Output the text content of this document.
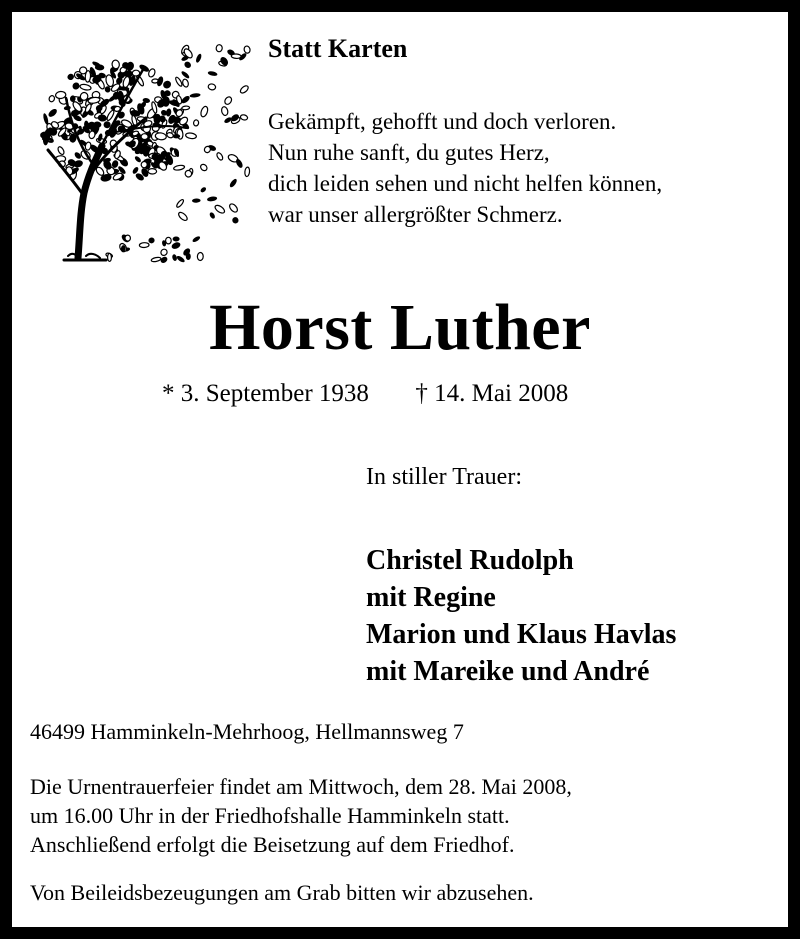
Statt Karten
Gekämpft, gehofft und doch verloren.
Nun ruhe sanft, du gutes Herz,
dich leiden sehen und nicht helfen können,
war unser allergrößter Schmerz.
Horst Luther
* 3. September 1938 † 14. Mai 2008
In stiller Trauer:
Christel Rudolph
mit Regine
Marion und Klaus Havlas
mit Mareike und André
46499 Hamminkeln-Mehrhoog, Hellmannsweg 7
Die Urnentrauerfeier findet am Mittwoch, dem 28. Mai 2008,
um 16.00 Uhr in der Friedhofshalle Hamminkeln statt.
Anschließend erfolgt die Beisetzung auf dem Friedhof.
Von Beileidsbezeugungen am Grab bitten wir abzusehen.
